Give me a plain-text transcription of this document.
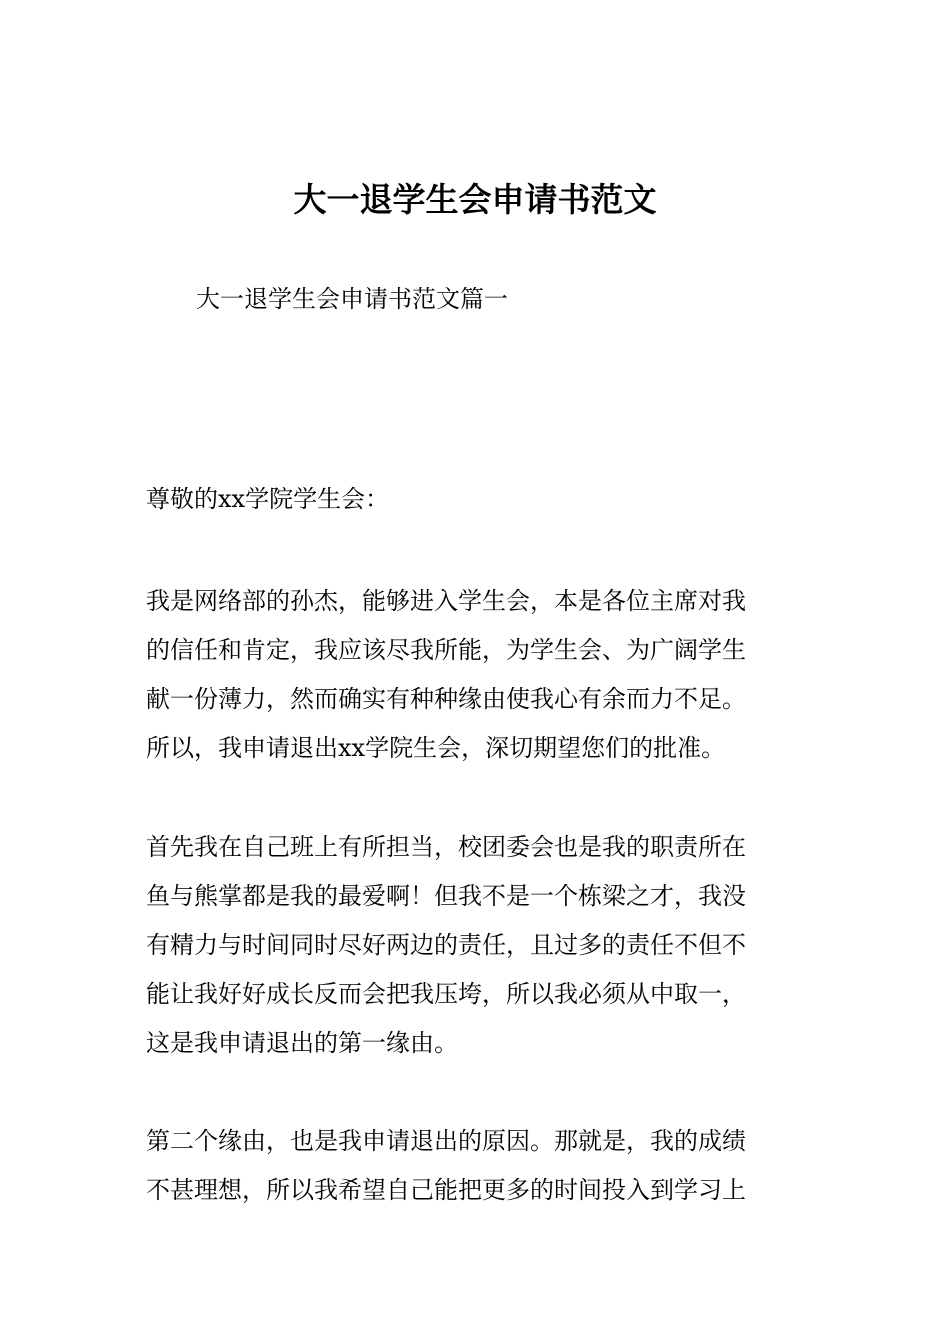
大一退学生会申请书范文
大一退学生会申请书范文篇一
尊敬的xx学院学生会：
我是网络部的孙杰，能够进入学生会，本是各位主席对我
的信任和肯定，我应该尽我所能，为学生会、为广阔学生
献一份薄力，然而确实有种种缘由使我心有余而力不足。
所以，我申请退出xx学院生会，深切期望您们的批准。
首先我在自己班上有所担当，校团委会也是我的职责所在
鱼与熊掌都是我的最爱啊！但我不是一个栋梁之才，我没
有精力与时间同时尽好两边的责任，且过多的责任不但不
能让我好好成长反而会把我压垮，所以我必须从中取一，
这是我申请退出的第一缘由。
第二个缘由，也是我申请退出的原因。那就是，我的成绩
不甚理想，所以我希望自己能把更多的时间投入到学习上
